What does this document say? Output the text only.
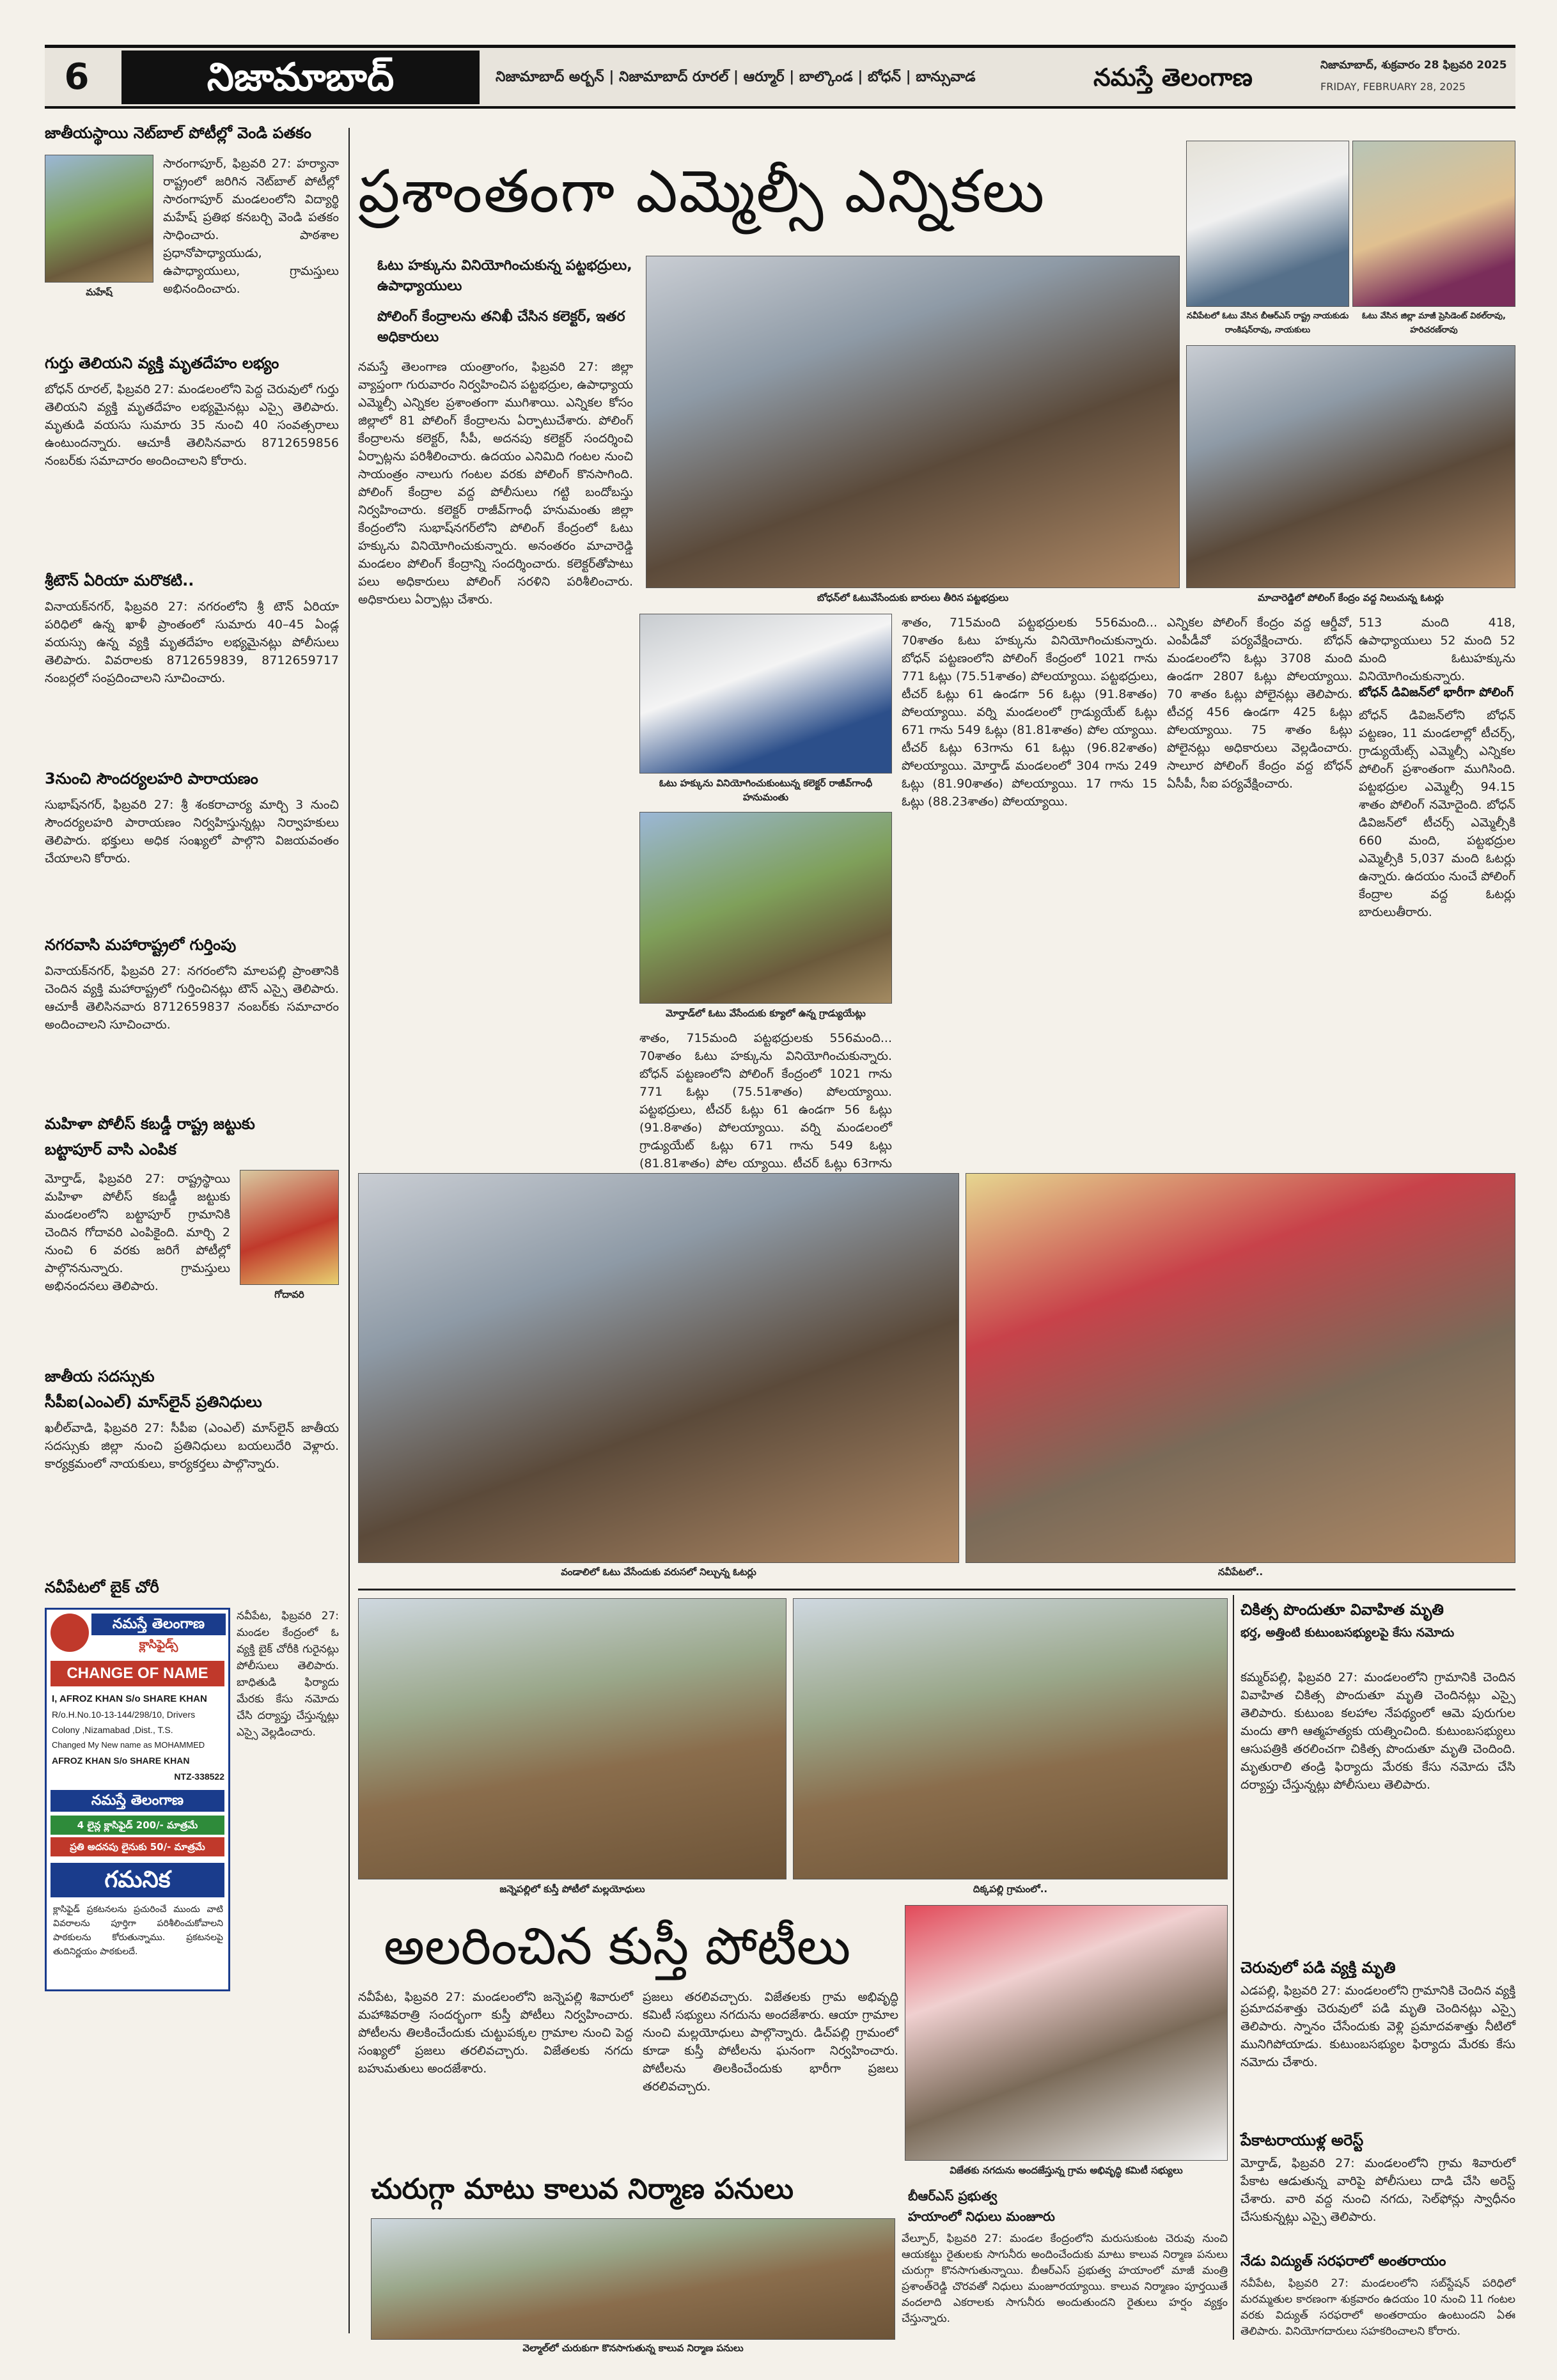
6	నిజామాబాద్	నిజామాబాద్ అర్బన్ | నిజామాబాద్ రూరల్ | ఆర్మూర్ | బాల్కొండ | బోధన్ | బాన్సువాడ	నమస్తే తెలంగాణ	నిజామాబాద్, శుక్రవారం 28 ఫిబ్రవరి 2025
FRIDAY, FEBRUARY 28, 2025
జాతీయస్థాయి నెట్‌బాల్ పోటీల్లో వెండి పతకం
మహేష్
సారంగాపూర్, ఫిబ్రవరి 27: హర్యానా రాష్ట్రంలో జరిగిన నెట్‌బాల్ పోటీల్లో సారంగాపూర్ మండలంలోని విద్యార్థి మహేష్ ప్రతిభ కనబర్చి వెండి పతకం సాధించారు. పాఠశాల ప్రధానోపాధ్యాయుడు, ఉపాధ్యాయులు, గ్రామస్తులు అభినందించారు.
గుర్తు తెలియని వ్యక్తి మృతదేహం లభ్యం
బోధన్ రూరల్, ఫిబ్రవరి 27: మండలంలోని పెద్ద చెరువులో గుర్తు తెలియని వ్యక్తి మృతదేహం లభ్యమైనట్లు ఎస్సై తెలిపారు. మృతుడి వయసు సుమారు 35 నుంచి 40 సంవత్సరాలు ఉంటుందన్నారు. ఆచూకీ తెలిసినవారు 8712659856 నంబర్‌కు సమాచారం అందించాలని కోరారు.
శ్రీటౌన్ ఏరియా మరొకటి..
వినాయక్‌నగర్, ఫిబ్రవరి 27: నగరంలోని శ్రీ టౌన్ ఏరియా పరిధిలో ఉన్న ఖాళీ ప్రాంతంలో సుమారు 40–45 ఏండ్ల వయస్సు ఉన్న వ్యక్తి మృతదేహం లభ్యమైనట్లు పోలీసులు తెలిపారు. వివరాలకు 8712659839, 8712659717 నంబర్లలో సంప్రదించాలని సూచించారు.
3నుంచి సౌందర్యలహరి పారాయణం
సుభాష్‌నగర్, ఫిబ్రవరి 27: శ్రీ శంకరాచార్య మార్చి 3 నుంచి సౌందర్యలహరి పారాయణం నిర్వహిస్తున్నట్లు నిర్వాహకులు తెలిపారు. భక్తులు అధిక సంఖ్యలో పాల్గొని విజయవంతం చేయాలని కోరారు.
నగరవాసి మహారాష్ట్రలో గుర్తింపు
వినాయక్‌నగర్, ఫిబ్రవరి 27: నగరంలోని మాలపల్లి ప్రాంతానికి చెందిన వ్యక్తి మహారాష్ట్రలో గుర్తించినట్లు టౌన్ ఎస్సై తెలిపారు. ఆచూకీ తెలిసినవారు 8712659837 నంబర్‌కు సమాచారం అందించాలని సూచించారు.
మహిళా పోలీస్ కబడ్డీ రాష్ట్ర జట్టుకు
బట్టాపూర్ వాసి ఎంపిక
మోర్తాడ్, ఫిబ్రవరి 27: రాష్ట్రస్థాయి మహిళా పోలీస్ కబడ్డీ జట్టుకు మండలంలోని బట్టాపూర్ గ్రామానికి చెందిన గోదావరి ఎంపికైంది. మార్చి 2 నుంచి 6 వరకు జరిగే పోటీల్లో పాల్గొననున్నారు. గ్రామస్తులు అభినందనలు తెలిపారు.
గోదావరి
జాతీయ సదస్సుకు
సీపీఐ(ఎంఎల్) మాస్‌లైన్ ప్రతినిధులు
ఖలీల్‌వాడి, ఫిబ్రవరి 27: సీపీఐ (ఎంఎల్) మాస్‌లైన్ జాతీయ సదస్సుకు జిల్లా నుంచి ప్రతినిధులు బయలుదేరి వెళ్లారు. కార్యక్రమంలో నాయకులు, కార్యకర్తలు పాల్గొన్నారు.
నవీపేటలో బైక్ చోరీ
నమస్తే తెలంగాణ
క్లాసిఫైడ్స్
CHANGE OF NAME
I, AFROZ KHAN S/o SHARE KHAN
R/o.H.No.10-13-144/298/10, Drivers
Colony ,Nizamabad ,Dist., T.S.
Changed My New name as MOHAMMED
AFROZ KHAN S/o SHARE KHAN
NTZ-338522
నమస్తే తెలంగాణ
4 లైన్ల క్లాసిఫైడ్ 200/- మాత్రమే
ప్రతి అదనపు లైనుకు 50/- మాత్రమే
గమనిక
క్లాసిఫైడ్ ప్రకటనలను ప్రచురించే ముందు వాటి వివరాలను పూర్తిగా పరిశీలించుకోవాలని పాఠకులను కోరుతున్నాము. ప్రకటనలపై తుదినిర్ణయం పాఠకులదే.
నవీపేట, ఫిబ్రవరి 27: మండల కేంద్రంలో ఓ వ్యక్తి బైక్ చోరీకి గురైనట్లు పోలీసులు తెలిపారు. బాధితుడి ఫిర్యాదు మేరకు కేసు నమోదు చేసి దర్యాప్తు చేస్తున్నట్లు ఎస్సై వెల్లడించారు.
ప్రశాంతంగా ఎమ్మెల్సీ ఎన్నికలు
ఓటు హక్కును వినియోగించుకున్న పట్టభద్రులు, ఉపాధ్యాయులు
పోలింగ్ కేంద్రాలను తనిఖీ చేసిన కలెక్టర్, ఇతర అధికారులు
బోధన్‌లో ఓటువేసేందుకు బారులు తీరిన పట్టభద్రులు
నవీపేటలో ఓటు వేసిన బీఆర్ఎస్ రాష్ట్ర నాయకుడు రాంకిషన్‌రావు, నాయకులు
ఓటు వేసిన జిల్లా మాజీ ప్రెసిడెంట్ విఠల్‌రావు, హరిచరణ్‌రావు
మాచారెడ్డిలో పోలింగ్‌ కేంద్రం వద్ద నిలుచున్న ఓటర్లు
నమస్తే తెలంగాణ యంత్రాంగం, ఫిబ్రవరి 27: జిల్లా వ్యాప్తంగా గురువారం నిర్వహించిన పట్టభద్రుల, ఉపాధ్యాయ ఎమ్మెల్సీ ఎన్నికల ప్రశాంతంగా ముగిశాయి. ఎన్నికల కోసం జిల్లాలో 81 పోలింగ్ కేంద్రాలను ఏర్పాటుచేశారు. పోలింగ్ కేంద్రాలను కలెక్టర్, సీపీ, అదనపు కలెక్టర్ సందర్శించి ఏర్పాట్లను పరిశీలించారు. ఉదయం ఎనిమిది గంటల నుంచి సాయంత్రం నాలుగు గంటల వరకు పోలింగ్ కొనసాగింది. పోలింగ్ కేంద్రాల వద్ద పోలీసులు గట్టి బందోబస్తు నిర్వహించారు. కలెక్టర్ రాజీవ్‌గాంధీ హనుమంతు జిల్లా కేంద్రంలోని సుభాష్‌నగర్‌లోని పోలింగ్ కేంద్రంలో ఓటు హక్కును వినియోగించుకున్నారు. అనంతరం మాచారెడ్డి మండలం పోలింగ్ కేంద్రాన్ని సందర్శించారు. కలెక్టర్‌తోపాటు పలు అధికారులు పోలింగ్ సరళిని పరిశీలించారు. అధికారులు ఏర్పాట్లు చేశారు.
ఓటు హక్కును వినియోగించుకుంటున్న కలెక్టర్ రాజీవ్‌గాంధీ హనుమంతు
మోర్తాడ్‌లో ఓటు వేసేందుకు క్యూలో ఉన్న గ్రాడ్యుయేట్లు
శాతం, 715మంది పట్టభద్రులకు 556మంది... 70శాతం ఓటు హక్కును వినియోగించుకున్నారు. బోధన్ పట్టణంలోని పోలింగ్ కేంద్రంలో 1021 గాను 771 ఓట్లు (75.51శాతం) పోలయ్యాయి. పట్టభద్రులు, టీచర్ ఓట్లు 61 ఉండగా 56 ఓట్లు (91.8శాతం) పోలయ్యాయి. వర్ని మండలంలో గ్రాడ్యుయేట్ ఓట్లు 671 గాను 549 ఓట్లు (81.81శాతం) పోల య్యాయి. టీచర్ ఓట్లు 63గాను
శాతం, 715మంది పట్టభద్రులకు 556మంది... 70శాతం ఓటు హక్కును వినియోగించుకున్నారు. బోధన్ పట్టణంలోని పోలింగ్ కేంద్రంలో 1021 గాను 771 ఓట్లు (75.51శాతం) పోలయ్యాయి. పట్టభద్రులు, టీచర్ ఓట్లు 61 ఉండగా 56 ఓట్లు (91.8శాతం) పోలయ్యాయి. వర్ని మండలంలో గ్రాడ్యుయేట్ ఓట్లు 671 గాను 549 ఓట్లు (81.81శాతం) పోల య్యాయి. టీచర్ ఓట్లు 63గాను 61 ఓట్లు (96.82శాతం) పోలయ్యాయి. మోర్తాడ్ మండలంలో 304 గాను 249 ఓట్లు (81.90శాతం) పోలయ్యాయి. 17 గాను 15 ఓట్లు (88.23శాతం) పోలయ్యాయి.
ఎన్నికల పోలింగ్ కేంద్రం వద్ద ఆర్డీవో, ఎంపీడీవో పర్యవేక్షించారు. బోధన్ మండలంలోని ఓట్లు 3708 మంది ఉండగా 2807 ఓట్లు పోలయ్యాయి. 70 శాతం ఓట్లు పోలైనట్లు తెలిపారు. టీచర్ల 456 ఉండగా 425 ఓట్లు పోలయ్యాయి. 75 శాతం ఓట్లు పోలైనట్లు అధికారులు వెల్లడించారు. సాలూర పోలింగ్ కేంద్రం వద్ద బోధన్ ఏసీపీ, సీఐ పర్యవేక్షించారు.
513 మంది 418, ఉపాధ్యాయులు 52 మంది 52 మంది ఓటుహక్కును వినియోగించుకున్నారు.
బోధన్ డివిజన్‌లో భారీగా పోలింగ్
బోధన్ డివిజన్‌లోని బోధన్ పట్టణం, 11 మండలాల్లో టీచర్స్, గ్రాడ్యుయేట్స్ ఎమ్మెల్సీ ఎన్నికల పోలింగ్ ప్రశాంతంగా ముగిసింది. పట్టభద్రుల ఎమ్మెల్సీ 94.15 శాతం పోలింగ్ నమోదైంది. బోధన్ డివిజన్‌లో టీచర్స్ ఎమ్మెల్సీకి 660 మంది, పట్టభద్రుల ఎమ్మెల్సీకి 5,037 మంది ఓటర్లు ఉన్నారు. ఉదయం నుంచే పోలింగ్ కేంద్రాల వద్ద ఓటర్లు బారులుతీరారు.
వండాలిలో ఓటు వేసేందుకు వరుసలో నిల్చున్న ఓటర్లు	నవీపేటలో..
జన్నెపల్లిలో కుస్తీ పోటీలో మల్లయోధులు	దిక్కపల్లి గ్రామంలో..
అలరించిన కుస్తీ పోటీలు
నవీపేట, ఫిబ్రవరి 27: మండలంలోని జన్నెపల్లి శివారులో మహాశివరాత్రి సందర్భంగా కుస్తీ పోటీలు నిర్వహించారు. పోటీలను తిలకించేందుకు చుట్టుపక్కల గ్రామాల నుంచి పెద్ద సంఖ్యలో ప్రజలు తరలివచ్చారు. విజేతలకు నగదు బహుమతులు అందజేశారు.
ప్రజలు తరలివచ్చారు. విజేతలకు గ్రామ అభివృద్ధి కమిటీ సభ్యులు నగదును అందజేశారు. ఆయా గ్రామాల నుంచి మల్లయోధులు పాల్గొన్నారు. డిచ్‌పల్లి గ్రామంలో కూడా కుస్తీ పోటీలను ఘనంగా నిర్వహించారు. పోటీలను తిలకించేందుకు భారీగా ప్రజలు తరలివచ్చారు.
విజేతకు నగదును అందజేస్తున్న గ్రామ అభివృద్ధి కమిటీ సభ్యులు
చురుగ్గా మాటు కాలువ నిర్మాణ పనులు	బీఆర్ఎస్ ప్రభుత్వ
హయాంలో నిధులు మంజూరు
వెల్మాల్‌లో చురుకుగా కొనసాగుతున్న కాలువ నిర్మాణ పనులు
వేల్పూర్, ఫిబ్రవరి 27: మండల కేంద్రంలోని మరుసుకుంట చెరువు నుంచి ఆయకట్టు రైతులకు సాగునీరు అందించేందుకు మాటు కాలువ నిర్మాణ పనులు చురుగ్గా కొనసాగుతున్నాయి. బీఆర్ఎస్ ప్రభుత్వ హయాంలో మాజీ మంత్రి ప్రశాంత్‌రెడ్డి చొరవతో నిధులు మంజూరయ్యాయి. కాలువ నిర్మాణం పూర్తయితే వందలాది ఎకరాలకు సాగునీరు అందుతుందని రైతులు హర్షం వ్యక్తం చేస్తున్నారు.
చికిత్స పొందుతూ వివాహిత మృతి
భర్త, అత్తింటి కుటుంబసభ్యులపై కేసు నమోదు
కమ్మర్‌పల్లి, ఫిబ్రవరి 27: మండలంలోని గ్రామానికి చెందిన వివాహిత చికిత్స పొందుతూ మృతి చెందినట్లు ఎస్సై తెలిపారు. కుటుంబ కలహాల నేపథ్యంలో ఆమె పురుగుల మందు తాగి ఆత్మహత్యకు యత్నించింది. కుటుంబసభ్యులు ఆసుపత్రికి తరలించగా చికిత్స పొందుతూ మృతి చెందింది. మృతురాలి తండ్రి ఫిర్యాదు మేరకు కేసు నమోదు చేసి దర్యాప్తు చేస్తున్నట్లు పోలీసులు తెలిపారు.
చెరువులో పడి వ్యక్తి మృతి
ఎడపల్లి, ఫిబ్రవరి 27: మండలంలోని గ్రామానికి చెందిన వ్యక్తి ప్రమాదవశాత్తు చెరువులో పడి మృతి చెందినట్లు ఎస్సై తెలిపారు. స్నానం చేసేందుకు వెళ్లి ప్రమాదవశాత్తు నీటిలో మునిగిపోయాడు. కుటుంబసభ్యుల ఫిర్యాదు మేరకు కేసు నమోదు చేశారు.
పేకాటరాయుళ్ల అరెస్ట్
మోర్తాడ్, ఫిబ్రవరి 27: మండలంలోని గ్రామ శివారులో పేకాట ఆడుతున్న వారిపై పోలీసులు దాడి చేసి అరెస్ట్ చేశారు. వారి వద్ద నుంచి నగదు, సెల్‌ఫోన్లు స్వాధీనం చేసుకున్నట్లు ఎస్సై తెలిపారు.
నేడు విద్యుత్ సరఫరాలో అంతరాయం
నవీపేట, ఫిబ్రవరి 27: మండలంలోని సబ్‌స్టేషన్ పరిధిలో మరమ్మతుల కారణంగా శుక్రవారం ఉదయం 10 నుంచి 11 గంటల వరకు విద్యుత్ సరఫరాలో అంతరాయం ఉంటుందని ఏఈ తెలిపారు. వినియోగదారులు సహకరించాలని కోరారు.
